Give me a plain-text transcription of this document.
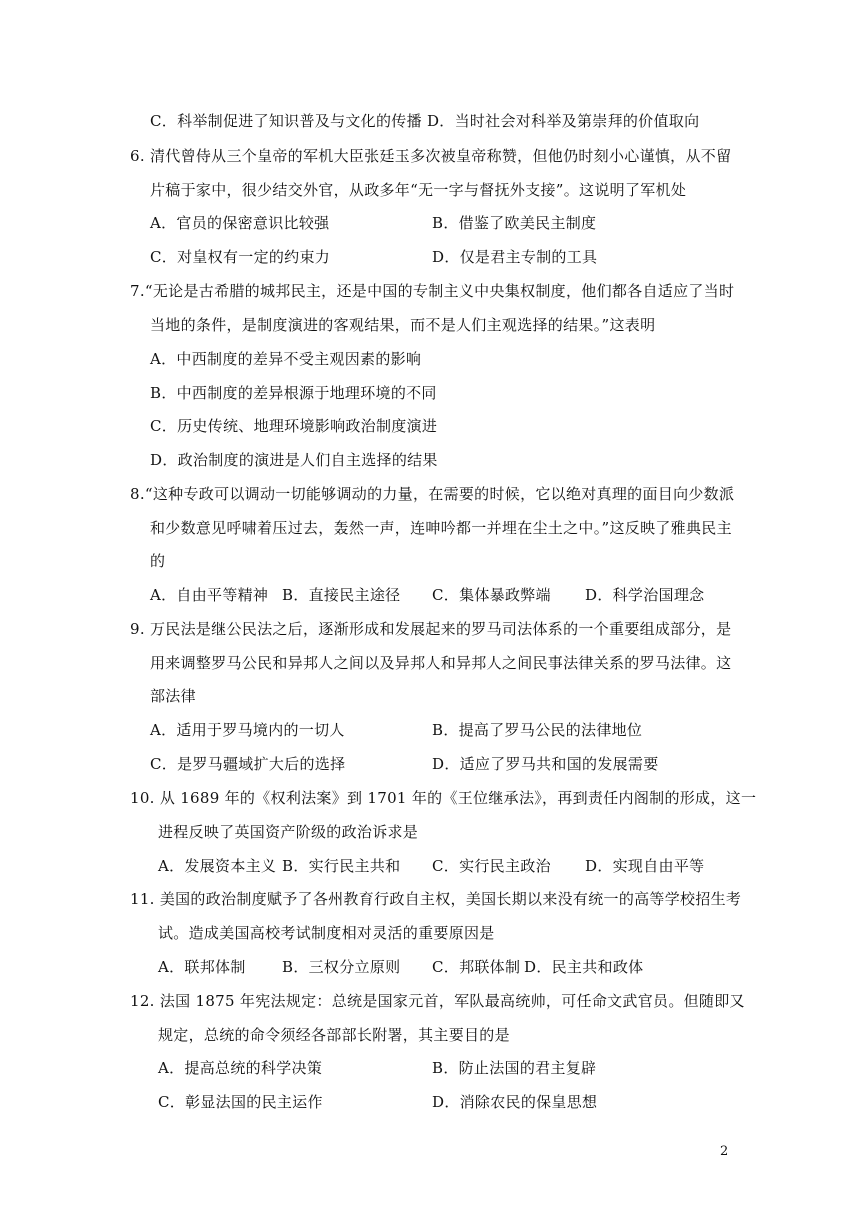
C．科举制促进了知识普及与文化的传播 D．当时社会对科举及第崇拜的价值取向
6. 清代曾侍从三个皇帝的军机大臣张廷玉多次被皇帝称赞，但他仍时刻小心谨慎，从不留
片稿于家中，很少结交外官，从政多年“无一字与督抚外支接”。这说明了军机处
A．官员的保密意识比较强	B．借鉴了欧美民主制度
C．对皇权有一定的约束力	D．仅是君主专制的工具
7.“无论是古希腊的城邦民主，还是中国的专制主义中央集权制度，他们都各自适应了当时
当地的条件，是制度演进的客观结果，而不是人们主观选择的结果。”这表明
A．中西制度的差异不受主观因素的影响
B．中西制度的差异根源于地理环境的不同
C．历史传统、地理环境影响政治制度演进
D．政治制度的演进是人们自主选择的结果
8.“这种专政可以调动一切能够调动的力量，在需要的时候，它以绝对真理的面目向少数派
和少数意见呼啸着压过去，轰然一声，连呻吟都一并埋在尘土之中。”这反映了雅典民主
的
A．自由平等精神 B．直接民主途径 C．集体暴政弊端 D．科学治国理念
9. 万民法是继公民法之后，逐渐形成和发展起来的罗马司法体系的一个重要组成部分，是
用来调整罗马公民和异邦人之间以及异邦人和异邦人之间民事法律关系的罗马法律。这
部法律
A．适用于罗马境内的一切人	B．提高了罗马公民的法律地位
C．是罗马疆域扩大后的选择	D．适应了罗马共和国的发展需要
10. 从 1689 年的《权利法案》到 1701 年的《王位继承法》，再到责任内阁制的形成，这一
进程反映了英国资产阶级的政治诉求是
A．发展资本主义 B．实行民主共和 C．实行民主政治 D．实现自由平等
11. 美国的政治制度赋予了各州教育行政自主权，美国长期以来没有统一的高等学校招生考
试。造成美国高校考试制度相对灵活的重要原因是
A．联邦体制 B．三权分立原则 C．邦联体制 D．民主共和政体
12. 法国 1875 年宪法规定：总统是国家元首，军队最高统帅，可任命文武官员。但随即又
规定，总统的命令须经各部部长附署，其主要目的是
A．提高总统的科学决策	B．防止法国的君主复辟
C．彰显法国的民主运作	D．消除农民的保皇思想
2
